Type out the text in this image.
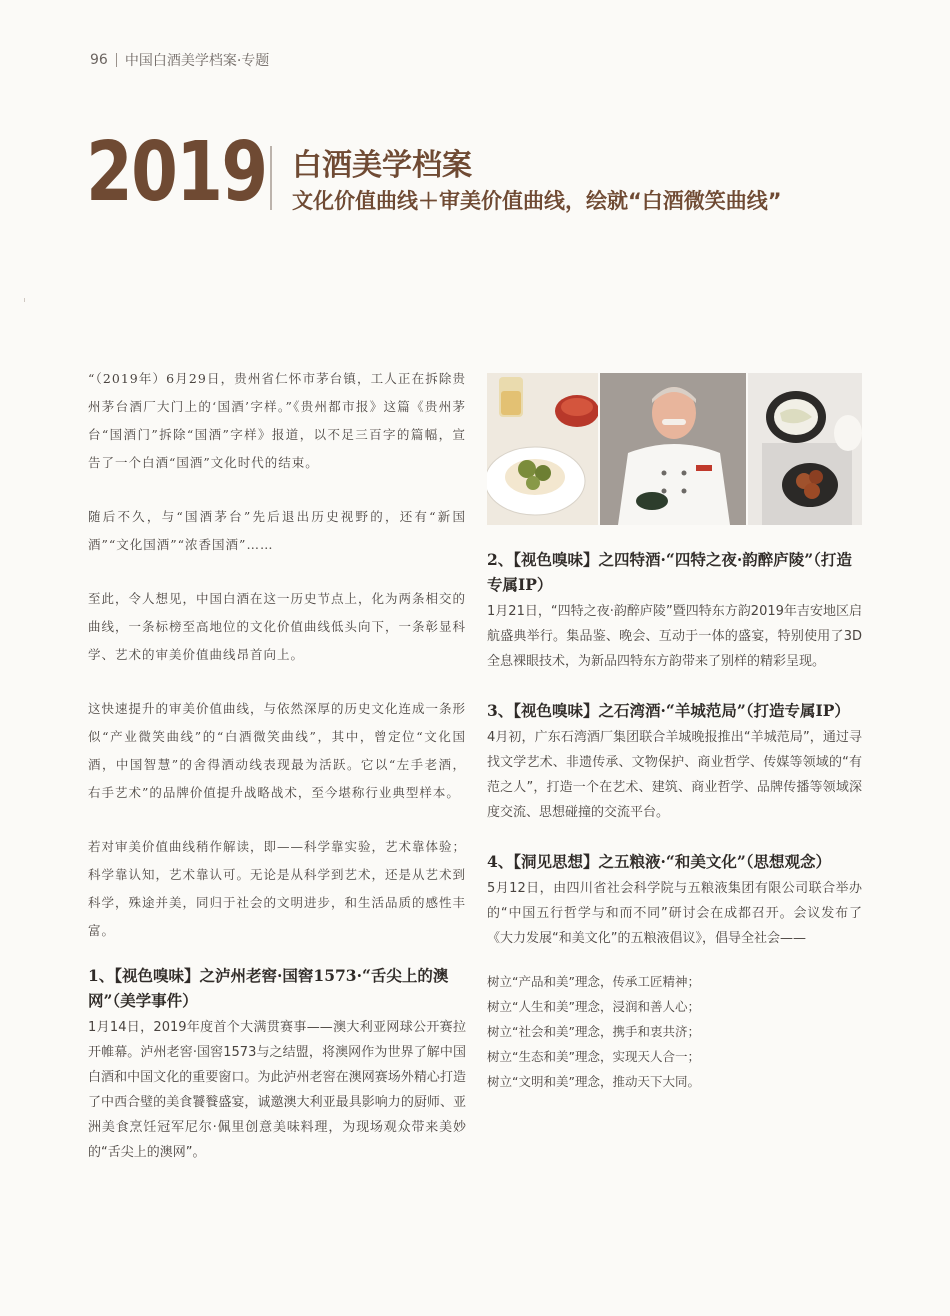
96 中国白酒美学档案·专题
2019 白酒美学档案
文化价值曲线＋审美价值曲线，绘就“白酒微笑曲线”

“（2019年）6月29日，贵州省仁怀市茅台镇，工人正在拆除贵州茅台酒厂大门上的‘国酒’字样。”《贵州都市报》这篇《贵州茅台“国酒门”拆除“国酒”字样》报道，以不足三百字的篇幅，宣告了一个白酒“国酒”文化时代的结束。

随后不久，与“国酒茅台”先后退出历史视野的，还有“新国酒”“文化国酒”“浓香国酒”……

至此，令人想见，中国白酒在这一历史节点上，化为两条相交的曲线，一条标榜至高地位的文化价值曲线低头向下，一条彰显科学、艺术的审美价值曲线昂首向上。

这快速提升的审美价值曲线，与依然深厚的历史文化连成一条形似“产业微笑曲线”的“白酒微笑曲线”，其中，曾定位“文化国酒，中国智慧”的舍得酒动线表现最为活跃。它以“左手老酒，右手艺术”的品牌价值提升战略战术，至今堪称行业典型样本。

若对审美价值曲线稍作解读，即——科学靠实验，艺术靠体验；科学靠认知，艺术靠认可。无论是从科学到艺术，还是从艺术到科学，殊途并美，同归于社会的文明进步，和生活品质的感性丰富。

1、【视色嗅味】之泸州老窖·国窖1573·“舌尖上的澳网”（美学事件）

1月14日，2019年度首个大满贯赛事——澳大利亚网球公开赛拉开帷幕。泸州老窖·国窖1573与之结盟，将澳网作为世界了解中国白酒和中国文化的重要窗口。为此泸州老窖在澳网赛场外精心打造了中西合璧的美食饕餮盛宴，诚邀澳大利亚最具影响力的厨师、亚洲美食烹饪冠军尼尔·佩里创意美味料理，为现场观众带来美妙的“舌尖上的澳网”。

2、【视色嗅味】之四特酒·“四特之夜·韵醉庐陵”（打造专属IP）

1月21日，“四特之夜·韵醉庐陵”暨四特东方韵2019年吉安地区启航盛典举行。集品鉴、晚会、互动于一体的盛宴，特别使用了3D全息裸眼技术，为新品四特东方韵带来了别样的精彩呈现。

3、【视色嗅味】之石湾酒·“羊城范局”（打造专属IP）

4月初，广东石湾酒厂集团联合羊城晚报推出“羊城范局”，通过寻找文学艺术、非遗传承、文物保护、商业哲学、传媒等领域的“有范之人”，打造一个在艺术、建筑、商业哲学、品牌传播等领域深度交流、思想碰撞的交流平台。

4、【洞见思想】之五粮液·“和美文化”（思想观念）

5月12日，由四川省社会科学院与五粮液集团有限公司联合举办的“中国五行哲学与和而不同”研讨会在成都召开。会议发布了《大力发展“和美文化”的五粮液倡议》，倡导全社会——

树立“产品和美”理念，传承工匠精神；
树立“人生和美”理念，浸润和善人心；
树立“社会和美”理念，携手和衷共济；
树立“生态和美”理念，实现天人合一；
树立“文明和美”理念，推动天下大同。
